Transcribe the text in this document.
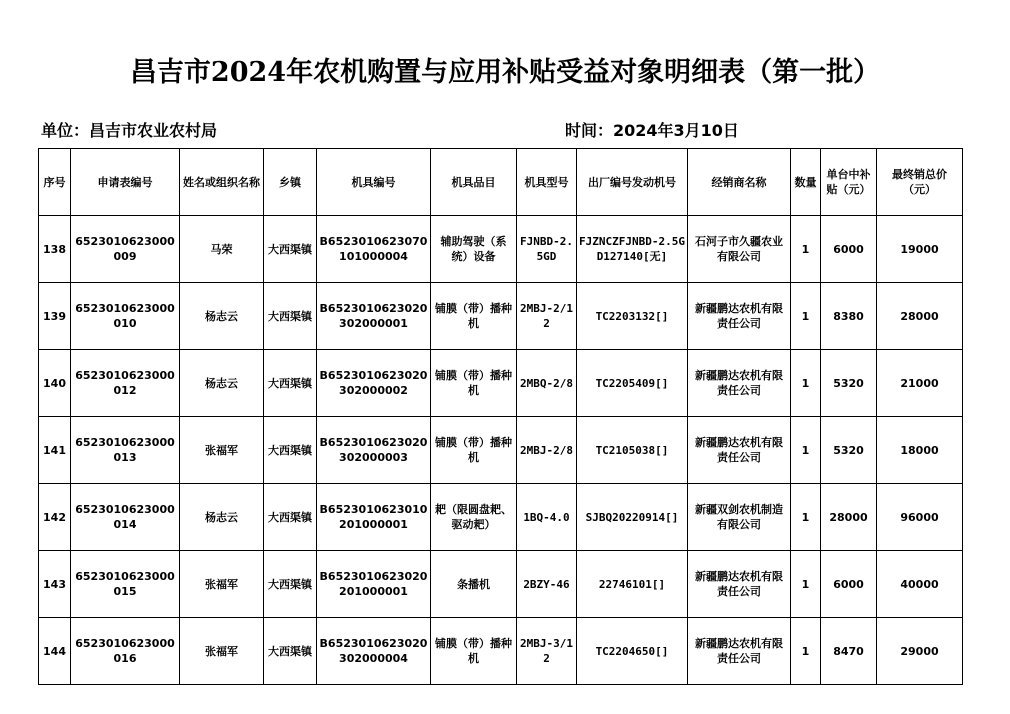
昌吉市2024年农机购置与应用补贴受益对象明细表（第一批）
单位：昌吉市农业农村局	时间：2024年3月10日
序号	申请表编号	姓名或组织名称	乡镇	机具编号	机具品目	机具型号	出厂编号发动机号	经销商名称	数量	单台中补贴（元）	最终销总价（元）
138	6523010623000009	马荣	大西渠镇	B6523010623070101000004	辅助驾驶（系统）设备	FJNBD-2.5GD	FJZNCZFJNBD-2.5GD127140[无]	石河子市久疆农业有限公司	1	6000	19000
139	6523010623000010	杨志云	大西渠镇	B6523010623020302000001	铺膜（带）播种机	2MBJ-2/12	TC2203132[]	新疆鹏达农机有限责任公司	1	8380	28000
140	6523010623000012	杨志云	大西渠镇	B6523010623020302000002	铺膜（带）播种机	2MBQ-2/8	TC2205409[]	新疆鹏达农机有限责任公司	1	5320	21000
141	6523010623000013	张福军	大西渠镇	B6523010623020302000003	铺膜（带）播种机	2MBJ-2/8	TC2105038[]	新疆鹏达农机有限责任公司	1	5320	18000
142	6523010623000014	杨志云	大西渠镇	B6523010623010201000001	耙（限圆盘耙、驱动耙）	1BQ-4.0	SJBQ20220914[]	新疆双剑农机制造有限公司	1	28000	96000
143	6523010623000015	张福军	大西渠镇	B6523010623020201000001	条播机	2BZY-46	22746101[]	新疆鹏达农机有限责任公司	1	6000	40000
144	6523010623000016	张福军	大西渠镇	B6523010623020302000004	铺膜（带）播种机	2MBJ-3/12	TC2204650[]	新疆鹏达农机有限责任公司	1	8470	29000
